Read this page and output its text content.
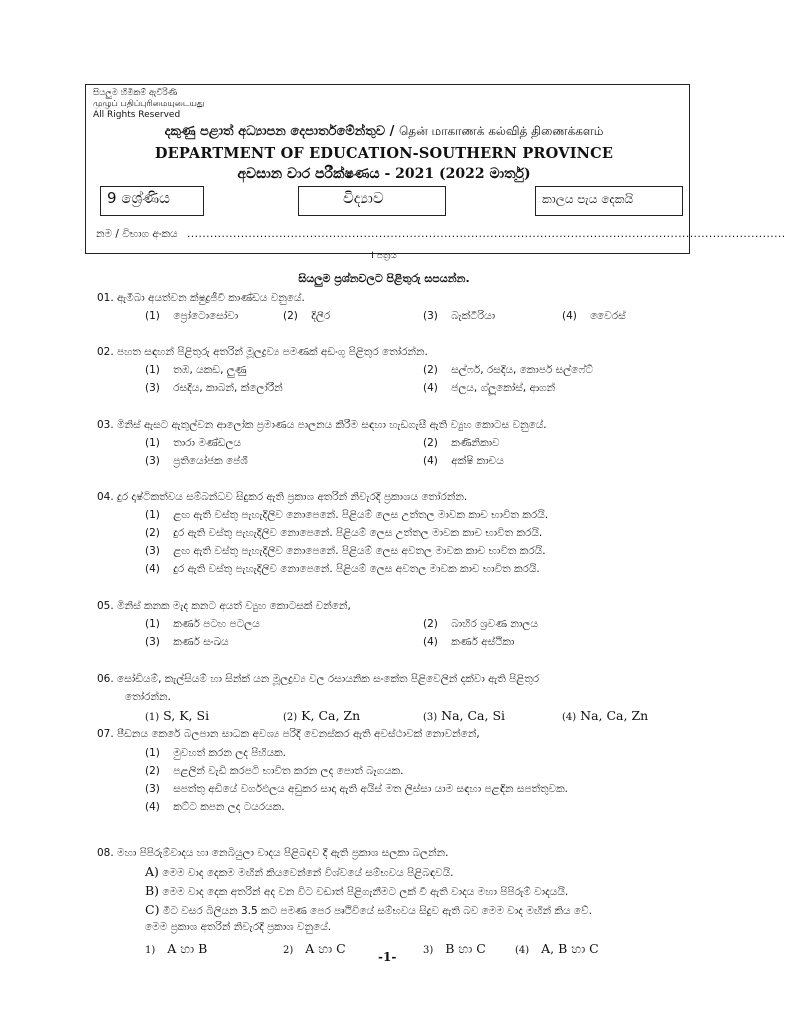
සියලුම හිමිකම් ඇවිරිණි
முழுப் பதிப்புரிமையுடையது
All Rights Reserved
දකුණු පළාත් අධ්‍යාපන දෙපාර්තමේන්තුව / தென் மாகாணக் கல்வித் திணைக்களம்
DEPARTMENT OF EDUCATION-SOUTHERN PROVINCE
අවසාන වාර පරීක්ෂණය - 2021 (2022 මාර්තු)
9 ශ්‍රේණිය	විද්‍යාව	කාලය පැය දෙකයි
නම / විභාග අංකය ............................................................................................................................................................
I පත්‍රය
සියලුම ප්‍රශ්නවලට පිළිතුරු සපයන්න.
01. ඇමීබා අයත්වන ක්ෂුද්‍රජීවී කාණ්ඩය වනුයේ.
(1) ප්‍රෝටොසෝවා	(2) දිලීර	(3) බැක්ටීරියා	(4) වෛරස්
02. පහත සඳහන් පිළිතුරු අතරින් මූලද්‍රව්‍ය පමණක් අඩංගු පිළිතුර තෝරන්න.
(1) තඹ, යකඩ, ලුණු	(2) සල්ෆර්, රසදිය, කොපර් සල්ෆේට්
(3) රසදිය, කාබන්, ක්ලෝරීන්	(4) ජලය, ග්ලූකෝස්, ආගන්
03. මිනිස් ඇසට ඇතුල්වන ආලෝක ප්‍රමාණය පාලනය කිරීම සඳහා හැඩගැසී ඇති ව්‍යුහ කොටස වනුයේ.
(1) තාරා මණ්ඩලය	(2) කණිනිකාව
(3) ප්‍රතියෝජක පේශී	(4) අක්ෂි කාචය
04. දුර දෘෂ්ටිකත්වය සම්බන්ධව සිදුකර ඇති ප්‍රකාශ අතරින් නිවැරදි ප්‍රකාශය තෝරන්න.
(1) ළඟ ඇති වස්තු පැහැදිලිව නොපෙනේ. පිළියම් ලෙස උත්තල මාවක කාච භාවිත කරයි.
(2) දුර ඇති වස්තු පැහැදිලිව නොපෙනේ. පිළියම් ලෙස උත්තල මාවක කාච භාවිත කරයි.
(3) ළඟ ඇති වස්තු පැහැදිලිව නොපෙනේ. පිළියම් ලෙස අවතල මාවක කාච භාවිත කරයි.
(4) දුර ඇති වස්තු පැහැදිලිව නොපෙනේ. පිළියම් ලෙස අවතල මාවක කාච භාවිත කරයි.
05. මිනිස් කනක මැද කනට අයත් ව්‍යුහ කොටසක් වන්නේ,
(1) කර්ණ පටහ පටලය	(2) බාහිර ශ්‍රවණ නාලය
(3) කර්ණ සංඛය	(4) කර්ණ අස්ථිකා
06. සෝඩියම්, කැල්සියම් හා සින්ක් යන මූලද්‍රව්‍ය වල රසායනික සංකේත පිළිවෙලින් දක්වා ඇති පිළිතුර
තෝරන්න.
(1) S, K, Si	(2) K, Ca, Zn	(3) Na, Ca, Si	(4) Na, Ca, Zn
07. පීඩනය කෙරේ බලපාන සාධක අවශ්‍ය පරිදි වෙනස්කර ඇති අවස්ථාවක් නොවන්නේ,
(1) මුවහත් කරන ලද පිහියක.
(2) පළලින් වැඩි කරපටි භාවිත කරන ලද පොත් බෑගයක.
(3) සපත්තු අඩියේ වර්ගඵලය අඩුකර සාදා ඇති අයිස් මත ලිස්සා යාම සඳහා පළඳින සපත්තුවක.
(4) කට්ට කපන ලද ටයරයක.
08. මහා පිපිරුම්වාදය හා නෙබියුලා වාදය පිළිබඳව දී ඇති ප්‍රකාශ සලකා බලන්න.
A) මෙම වාද දෙකම මඟින් කියවෙන්නේ විශ්වයේ සම්භවය පිළිබඳවයි.
B) මෙම වාද දෙක අතරින් අද වන විට වඩාත් පිළිගැනීමට ලක් වී ඇති වාදය මහා පිපිරුම් වාදයයි.
C) මීට වසර බිලියන 3.5 කට පමණ පෙර පෘථිවියේ සම්භවය සිදුව ඇති බව මෙම වාද මඟින් කිය වේ.
මෙම ප්‍රකාශ අතරින් නිවැරදි ප්‍රකාශ වනුයේ.
1) A හා B	2) A හා C	3) B හා C	(4) A, B හා C
-1-
